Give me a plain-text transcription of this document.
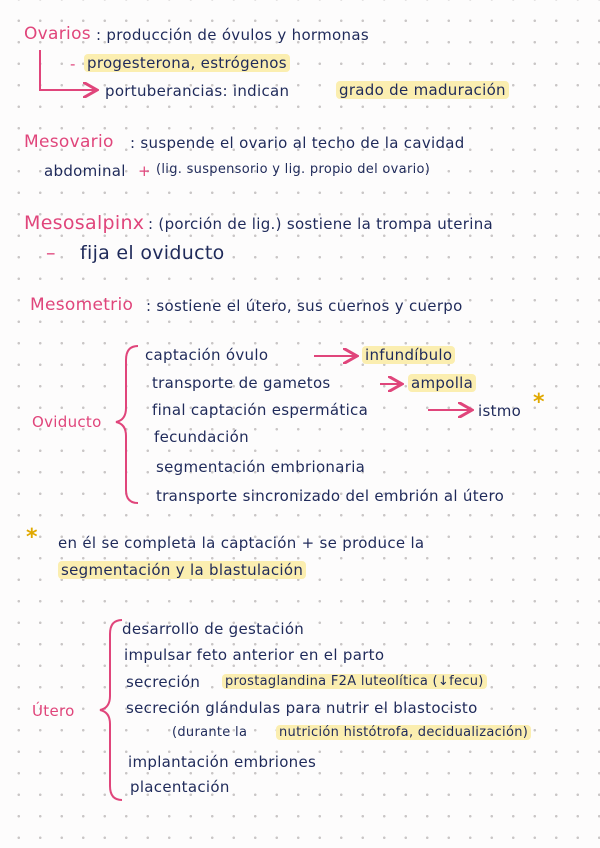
Ovarios : producción de óvulos y hormonas
- progesterona, estrógenos
portuberancias: indican	grado de maduración
Mesovario : suspende el ovario al techo de la cavidad
abdominal + (lig. suspensorio y lig. propio del ovario)
Mesosalpinx : (porción de lig.) sostiene la trompa uterina
– fija el oviducto
Mesometrio : sostiene el útero, sus cuernos y cuerpo
Oviducto
captación óvulo	infundíbulo
transporte de gametos	ampolla
final captación espermática	istmo *
fecundación
segmentación embrionaria
transporte sincronizado del embrión al útero
* en él se completa la captación + se produce la
segmentación y la blastulación
Útero
desarrollo de gestación
impulsar feto anterior en el parto
secreción prostaglandina F2A luteolítica (↓fecu)
secreción glándulas para nutrir el blastocisto
(durante la nutrición histótrofa, decidualización)
implantación embriones
placentación
